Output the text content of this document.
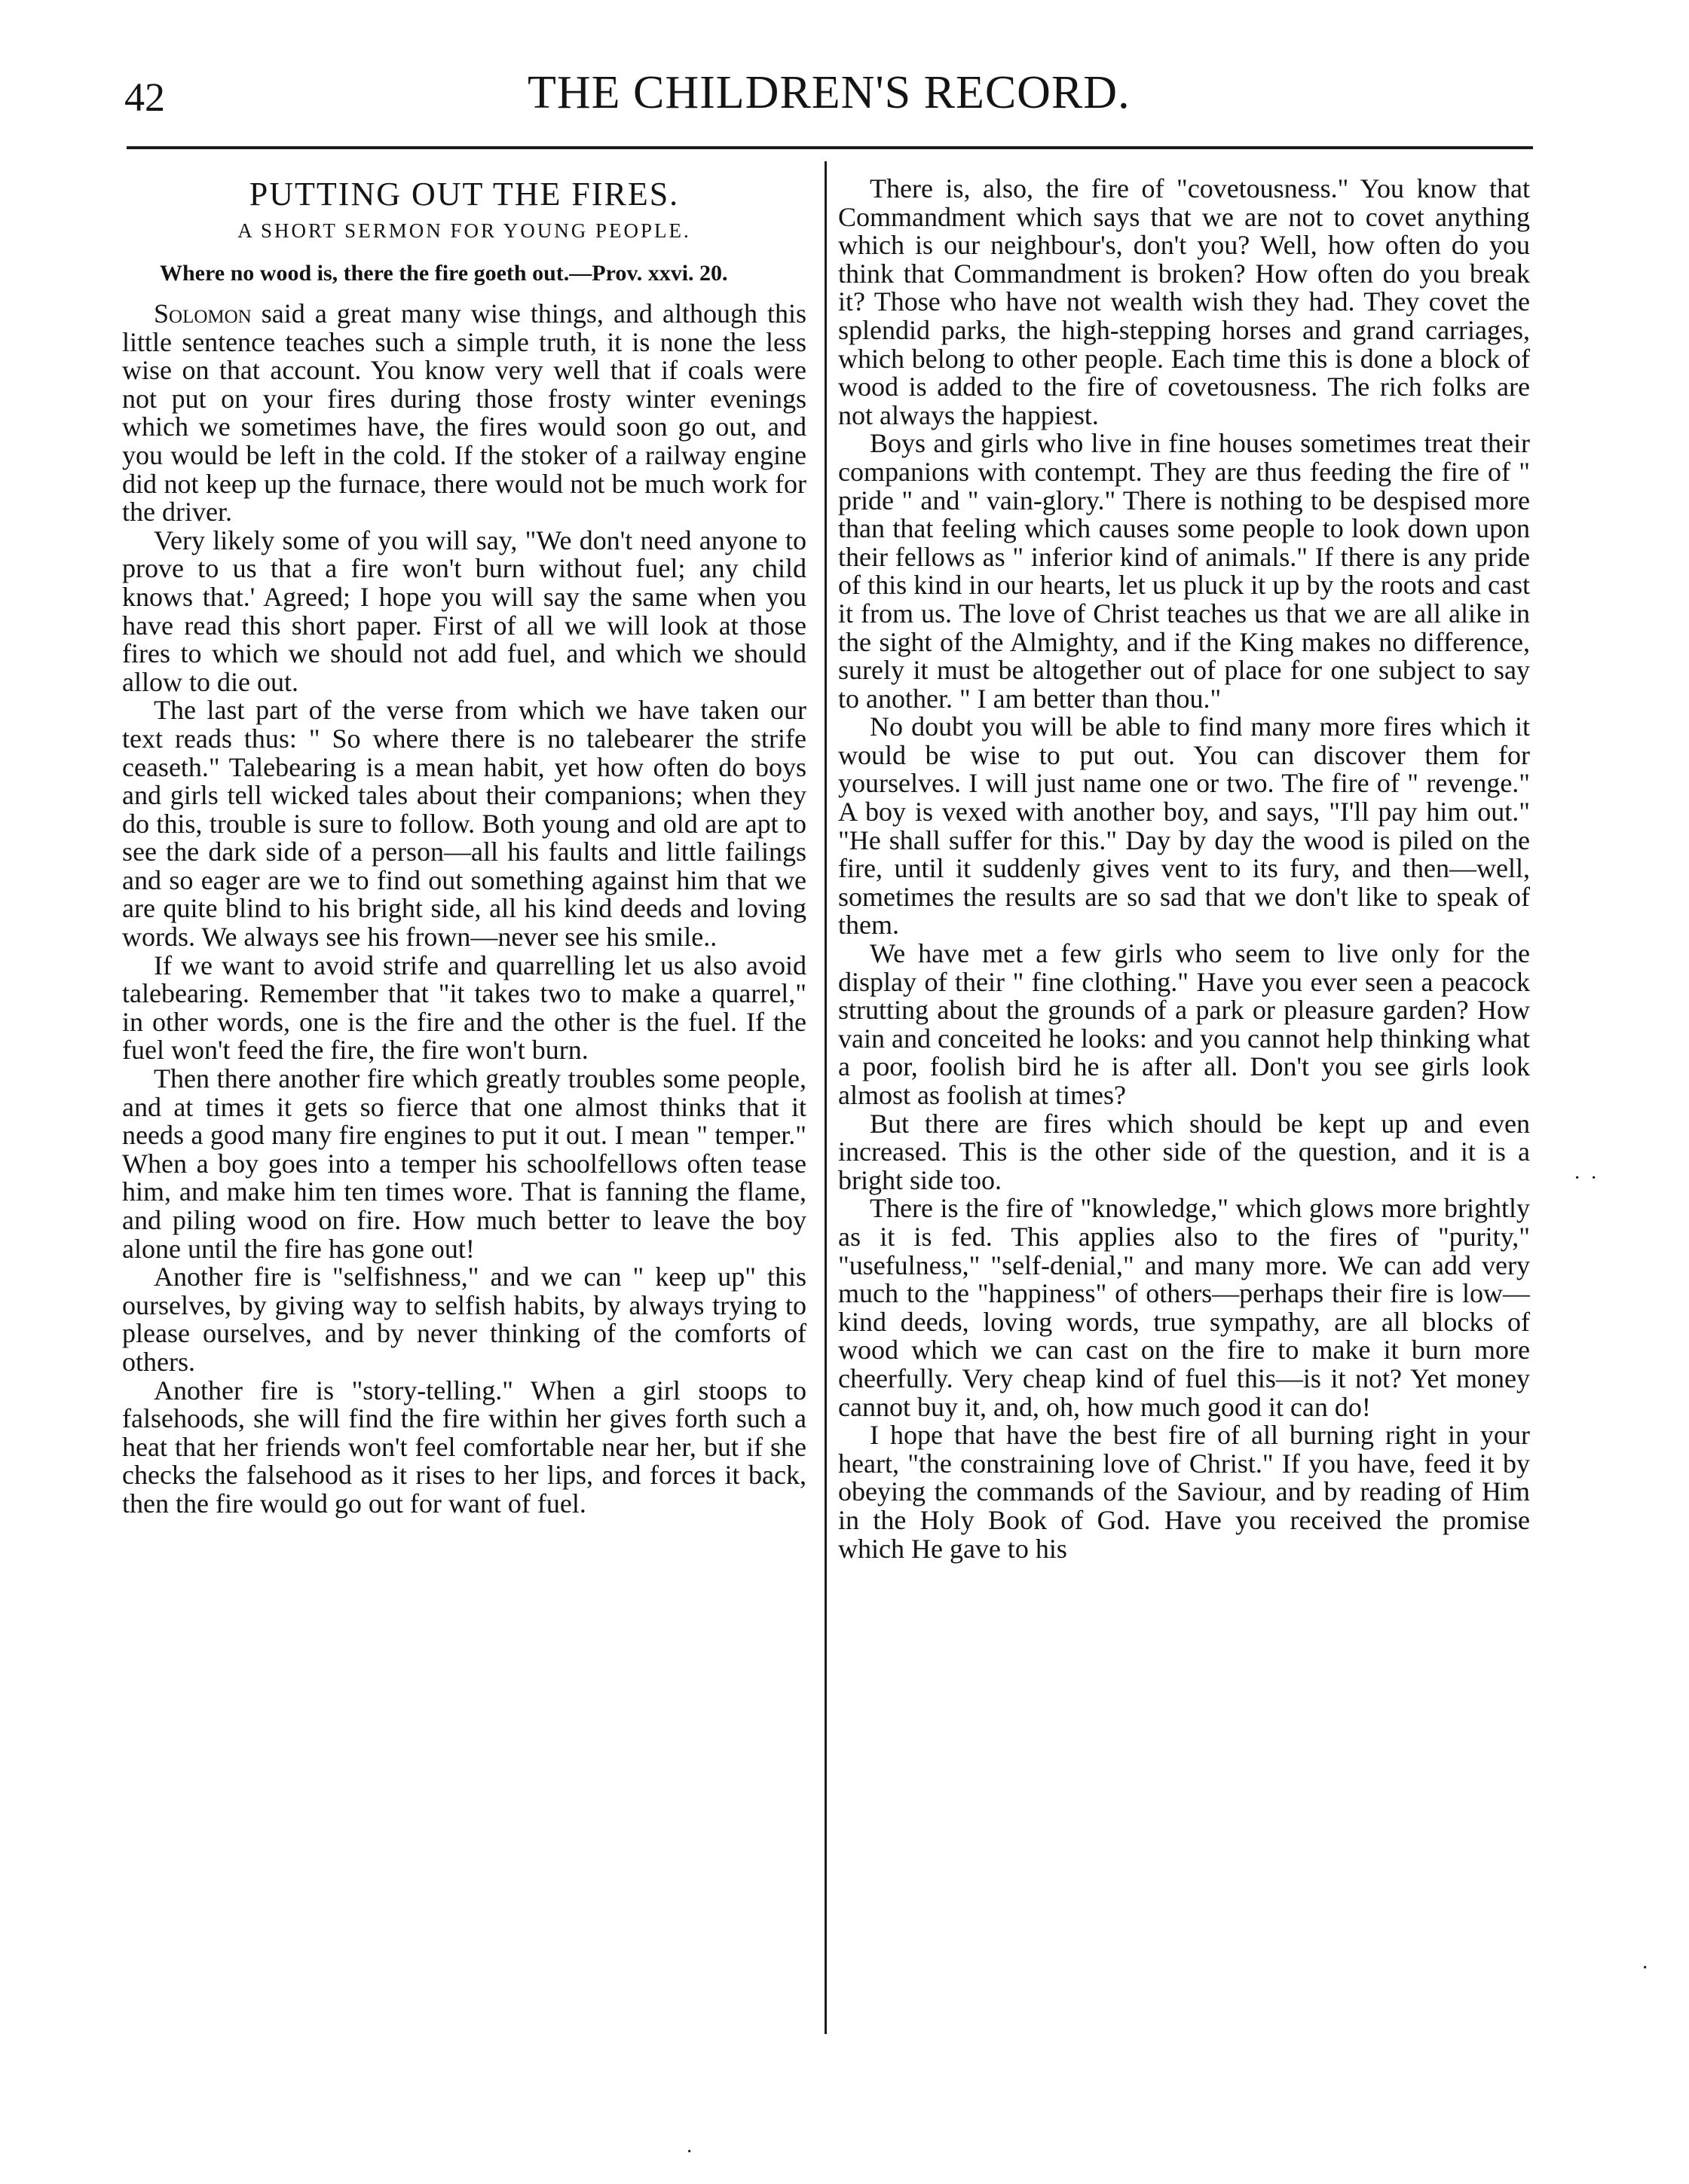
42	THE CHILDREN'S RECORD.
PUTTING OUT THE FIRES.
A SHORT SERMON FOR YOUNG PEOPLE.

Where no wood is, there the fire goeth out.—Prov. xxvi. 20.

Solomon said a great many wise things, and although this little sentence teaches such a simple truth, it is none the less wise on that account. You know very well that if coals were not put on your fires during those frosty winter evenings which we sometimes have, the fires would soon go out, and you would be left in the cold. If the stoker of a railway engine did not keep up the furnace, there would not be much work for the driver.

Very likely some of you will say, "We don't need anyone to prove to us that a fire won't burn without fuel; any child knows that.' Agreed; I hope you will say the same when you have read this short paper. First of all we will look at those fires to which we should not add fuel, and which we should allow to die out.

The last part of the verse from which we have taken our text reads thus: " So where there is no talebearer the strife ceaseth." Talebearing is a mean habit, yet how often do boys and girls tell wicked tales about their companions; when they do this, trouble is sure to follow. Both young and old are apt to see the dark side of a person—all his faults and little failings and so eager are we to find out something against him that we are quite blind to his bright side, all his kind deeds and loving words. We always see his frown—never see his smile..

If we want to avoid strife and quarrelling let us also avoid talebearing. Remember that "it takes two to make a quarrel," in other words, one is the fire and the other is the fuel. If the fuel won't feed the fire, the fire won't burn.

Then there another fire which greatly troubles some people, and at times it gets so fierce that one almost thinks that it needs a good many fire engines to put it out. I mean " temper." When a boy goes into a temper his schoolfellows often tease him, and make him ten times wore. That is fanning the flame, and piling wood on fire. How much better to leave the boy alone until the fire has gone out!

Another fire is "selfishness," and we can " keep up" this ourselves, by giving way to selfish habits, by always trying to please ourselves, and by never thinking of the comforts of others.

Another fire is "story-telling." When a girl stoops to falsehoods, she will find the fire within her gives forth such a heat that her friends won't feel comfortable near her, but if she checks the falsehood as it rises to her lips, and forces it back, then the fire would go out for want of fuel.

There is, also, the fire of "covetousness." You know that Commandment which says that we are not to covet anything which is our neighbour's, don't you? Well, how often do you think that Commandment is broken? How often do you break it? Those who have not wealth wish they had. They covet the splendid parks, the high-stepping horses and grand carriages, which belong to other people. Each time this is done a block of wood is added to the fire of covetousness. The rich folks are not always the happiest.

Boys and girls who live in fine houses sometimes treat their companions with contempt. They are thus feeding the fire of " pride " and " vain-glory." There is nothing to be despised more than that feeling which causes some people to look down upon their fellows as " inferior kind of animals." If there is any pride of this kind in our hearts, let us pluck it up by the roots and cast it from us. The love of Christ teaches us that we are all alike in the sight of the Almighty, and if the King makes no difference, surely it must be altogether out of place for one subject to say to another. " I am better than thou."

No doubt you will be able to find many more fires which it would be wise to put out. You can discover them for yourselves. I will just name one or two. The fire of " revenge." A boy is vexed with another boy, and says, "I'll pay him out." "He shall suffer for this." Day by day the wood is piled on the fire, until it suddenly gives vent to its fury, and then—well, sometimes the results are so sad that we don't like to speak of them.

We have met a few girls who seem to live only for the display of their " fine clothing." Have you ever seen a peacock strutting about the grounds of a park or pleasure garden? How vain and conceited he looks: and you cannot help thinking what a poor, foolish bird he is after all. Don't you see girls look almost as foolish at times?

But there are fires which should be kept up and even increased. This is the other side of the question, and it is a bright side too.

There is the fire of "knowledge," which glows more brightly as it is fed. This applies also to the fires of "purity," "usefulness," "self-denial," and many more. We can add very much to the "happiness" of others—perhaps their fire is low—kind deeds, loving words, true sympathy, are all blocks of wood which we can cast on the fire to make it burn more cheerfully. Very cheap kind of fuel this—is it not? Yet money cannot buy it, and, oh, how much good it can do!

I hope that have the best fire of all burning right in your heart, "the constraining love of Christ." If you have, feed it by obeying the commands of the Saviour, and by reading of Him in the Holy Book of God. Have you received the promise which He gave to his

· ·
·
·
